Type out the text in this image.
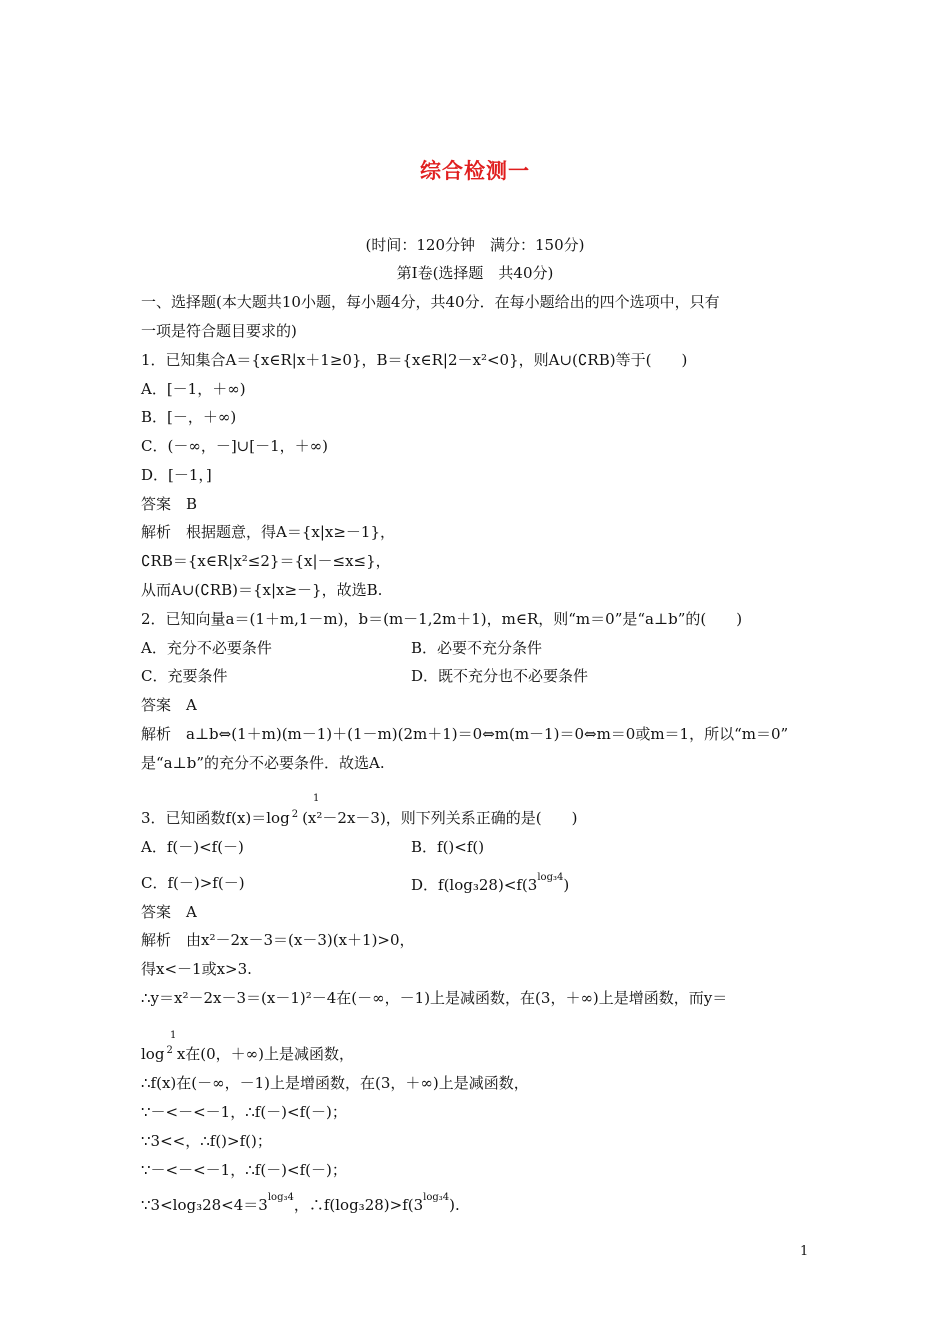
综合检测一
(时间：120分钟　满分：150分)
第Ⅰ卷(选择题　共40分)
一、选择题(本大题共10小题，每小题4分，共40分．在每小题给出的四个选项中，只有
一项是符合题目要求的)
1．已知集合A＝{x∈R|x＋1≥0}，B＝{x∈R|2－x²<0}，则A∪(∁RB)等于(　　)
A．[－1，＋∞)
B．[－，＋∞)
C．(－∞，－]∪[－1，＋∞)
D．[－1，]
答案　B
解析　根据题意，得A＝{x|x≥－1}，
∁RB＝{x∈R|x²≤2}＝{x|－≤x≤}，
从而A∪(∁RB)＝{x|x≥－}，故选B.
2．已知向量a＝(1＋m,1－m)，b＝(m－1,2m＋1)，m∈R，则“m＝0”是“a⊥b”的(　　)
A．充分不必要条件	B．必要不充分条件
C．充要条件	D．既不充分也不必要条件
答案　A
解析　a⊥b⇔(1＋m)(m－1)＋(1－m)(2m＋1)＝0⇔m(m－1)＝0⇔m＝0或m＝1，所以“m＝0”
是“a⊥b”的充分不必要条件．故选A.
1
3．已知函数f(x)＝log $^2$ (x²－2x－3)，则下列关系正确的是(　　)
A．f(－)<f(－)	B．f()<f()
C．f(－)>f(－)	D．$f(\log_328)<f(3^{log_34})$
答案　A
解析　由x²－2x－3＝(x－3)(x＋1)>0，
得x<－1或x>3.
∴y＝x²－2x－3＝(x－1)²－4在(－∞，－1)上是减函数，在(3，＋∞)上是增函数，而y＝
1
log $^2$ x在(0，＋∞)上是减函数，
∴f(x)在(－∞，－1)上是增函数，在(3，＋∞)上是减函数，
∵－<－<－1，∴f(－)<f(－)；
∵3<<，∴f()>f()；
∵－<－<－1，∴f(－)<f(－)；
$\because 3<\log_328<4=3^{log_34}$，$\therefore f(\log_328)>f(3^{log_34})$.
1
